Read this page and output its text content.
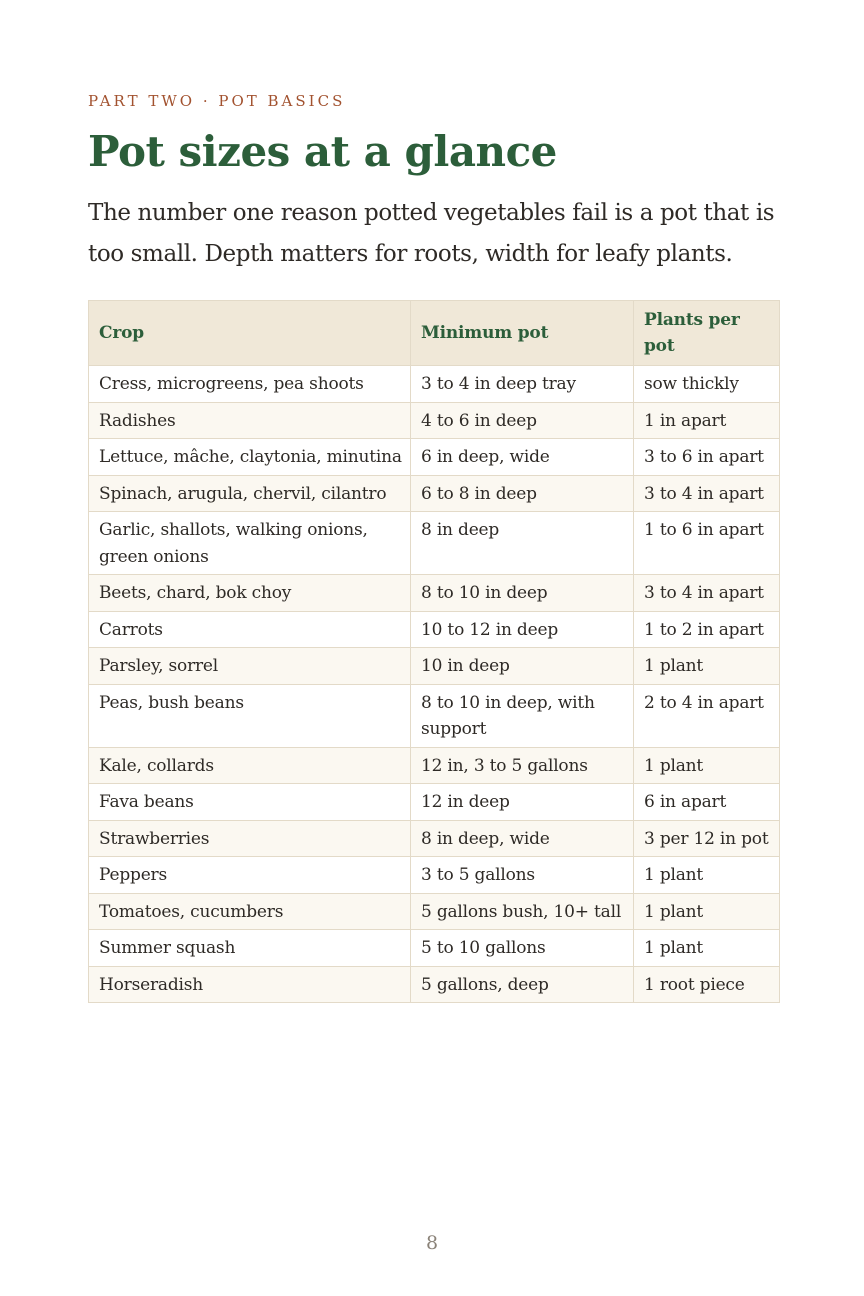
PART TWO · POT BASICS
Pot sizes at a glance

The number one reason potted vegetables fail is a pot that is too small. Depth matters for roots, width for leafy plants.

Crop	Minimum pot	Plants per pot
Cress, microgreens, pea shoots	3 to 4 in deep tray	sow thickly
Radishes	4 to 6 in deep	1 in apart
Lettuce, mâche, claytonia, minutina	6 in deep, wide	3 to 6 in apart
Spinach, arugula, chervil, cilantro	6 to 8 in deep	3 to 4 in apart
Garlic, shallots, walking onions, green onions	8 in deep	1 to 6 in apart
Beets, chard, bok choy	8 to 10 in deep	3 to 4 in apart
Carrots	10 to 12 in deep	1 to 2 in apart
Parsley, sorrel	10 in deep	1 plant
Peas, bush beans	8 to 10 in deep, with support	2 to 4 in apart
Kale, collards	12 in, 3 to 5 gallons	1 plant
Fava beans	12 in deep	6 in apart
Strawberries	8 in deep, wide	3 per 12 in pot
Peppers	3 to 5 gallons	1 plant
Tomatoes, cucumbers	5 gallons bush, 10+ tall	1 plant
Summer squash	5 to 10 gallons	1 plant
Horseradish	5 gallons, deep	1 root piece
8
